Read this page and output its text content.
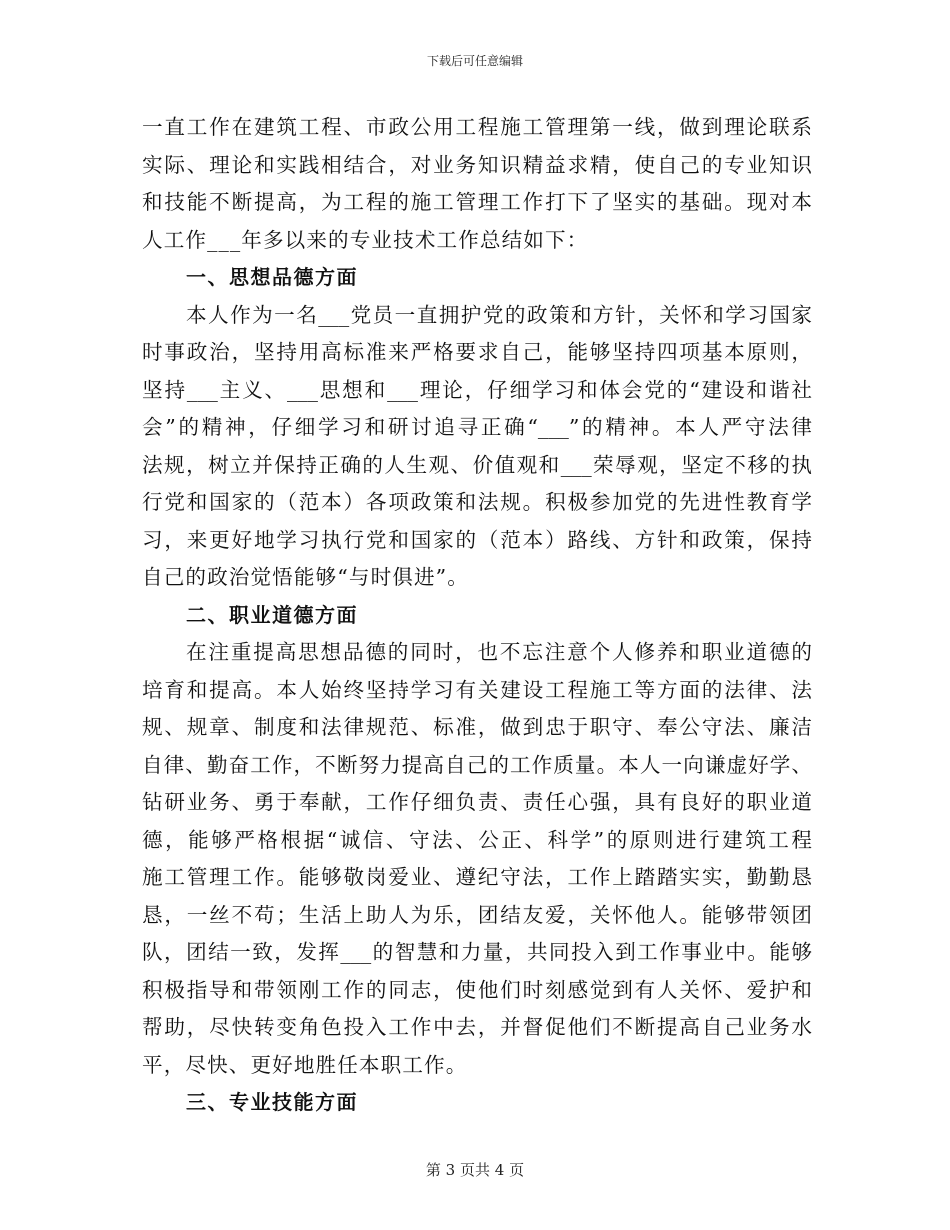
下载后可任意编辑
一直工作在建筑工程、市政公用工程施工管理第一线，做到理论联系
实际、理论和实践相结合，对业务知识精益求精，使自己的专业知识
和技能不断提高，为工程的施工管理工作打下了坚实的基础。现对本
人工作___年多以来的专业技术工作总结如下：
一、思想品德方面
本人作为一名___党员一直拥护党的政策和方针，关怀和学习国家
时事政治，坚持用高标准来严格要求自己，能够坚持四项基本原则，
坚持___主义、___思想和___理论，仔细学习和体会党的“建设和谐社
会”的精神，仔细学习和研讨追寻正确“___”的精神。本人严守法律
法规，树立并保持正确的人生观、价值观和___荣辱观，坚定不移的执
行党和国家的（范本）各项政策和法规。积极参加党的先进性教育学
习，来更好地学习执行党和国家的（范本）路线、方针和政策，保持
自己的政治觉悟能够“与时俱进”。
二、职业道德方面
在注重提高思想品德的同时，也不忘注意个人修养和职业道德的
培育和提高。本人始终坚持学习有关建设工程施工等方面的法律、法
规、规章、制度和法律规范、标准，做到忠于职守、奉公守法、廉洁
自律、勤奋工作，不断努力提高自己的工作质量。本人一向谦虚好学、
钻研业务、勇于奉献，工作仔细负责、责任心强，具有良好的职业道
德，能够严格根据“诚信、守法、公正、科学”的原则进行建筑工程
施工管理工作。能够敬岗爱业、遵纪守法，工作上踏踏实实，勤勤恳
恳，一丝不苟；生活上助人为乐，团结友爱，关怀他人。能够带领团
队，团结一致，发挥___的智慧和力量，共同投入到工作事业中。能够
积极指导和带领刚工作的同志，使他们时刻感觉到有人关怀、爱护和
帮助，尽快转变角色投入工作中去，并督促他们不断提高自己业务水
平，尽快、更好地胜任本职工作。
三、专业技能方面
第 3 页共 4 页
